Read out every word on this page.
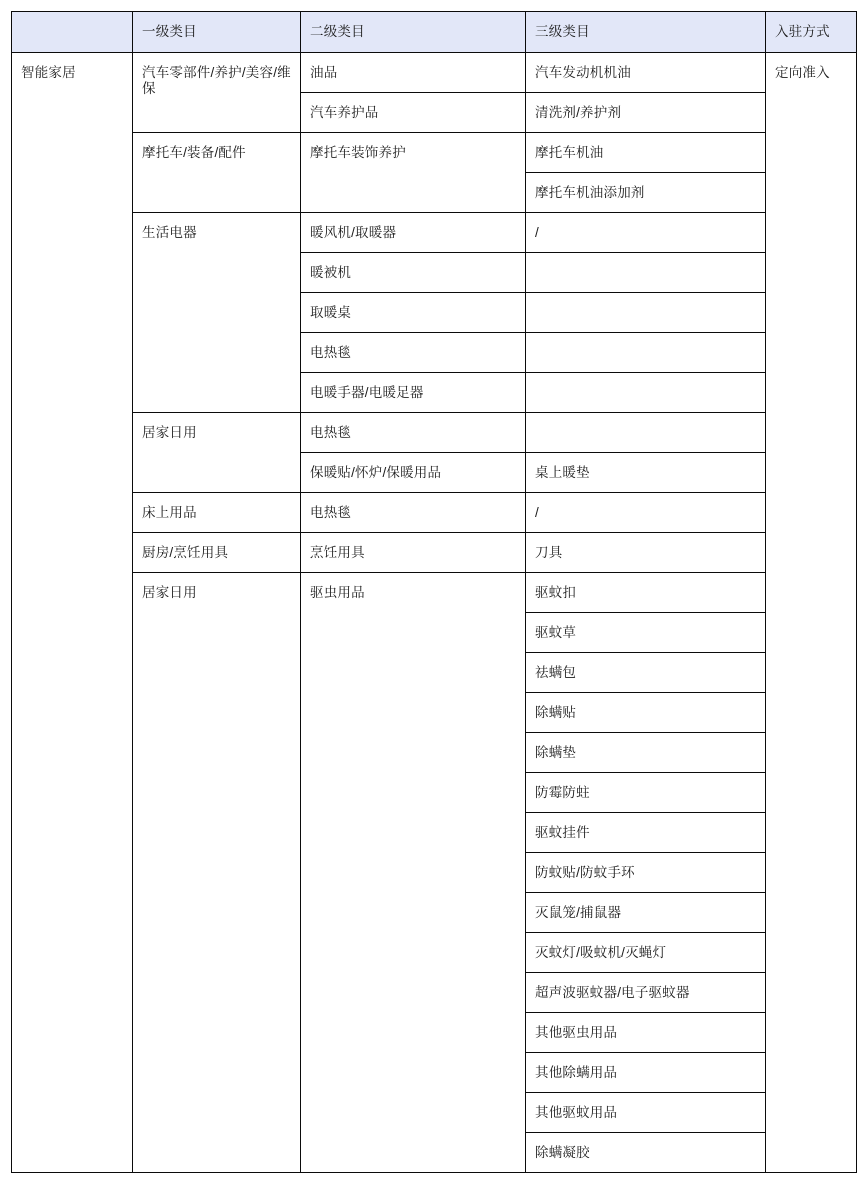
	一级类目	二级类目	三级类目	入驻方式

智能家居	汽车零部件/养护/美容/维保	油品	汽车发动机机油	定向准入

		汽车养护品	清洗剂/养护剂	

	摩托车/装备/配件	摩托车装饰养护	摩托车机油	

			摩托车机油添加剂	

	生活电器	暖风机/取暖器	/	

		暖被机		

		取暖桌		

		电热毯		

		电暖手器/电暖足器		

	居家日用	电热毯		

		保暖贴/怀炉/保暖用品	桌上暖垫	

	床上用品	电热毯	/	

	厨房/烹饪用具	烹饪用具	刀具	

	居家日用	驱虫用品	驱蚊扣	

			驱蚊草	

			祛螨包	

			除螨贴	

			除螨垫	

			防霉防蛀	

			驱蚊挂件	

			防蚊贴/防蚊手环	

			灭鼠笼/捕鼠器	

			灭蚊灯/吸蚊机/灭蝇灯	

			超声波驱蚊器/电子驱蚊器	

			其他驱虫用品	

			其他除螨用品	

			其他驱蚊用品	

			除螨凝胶	
